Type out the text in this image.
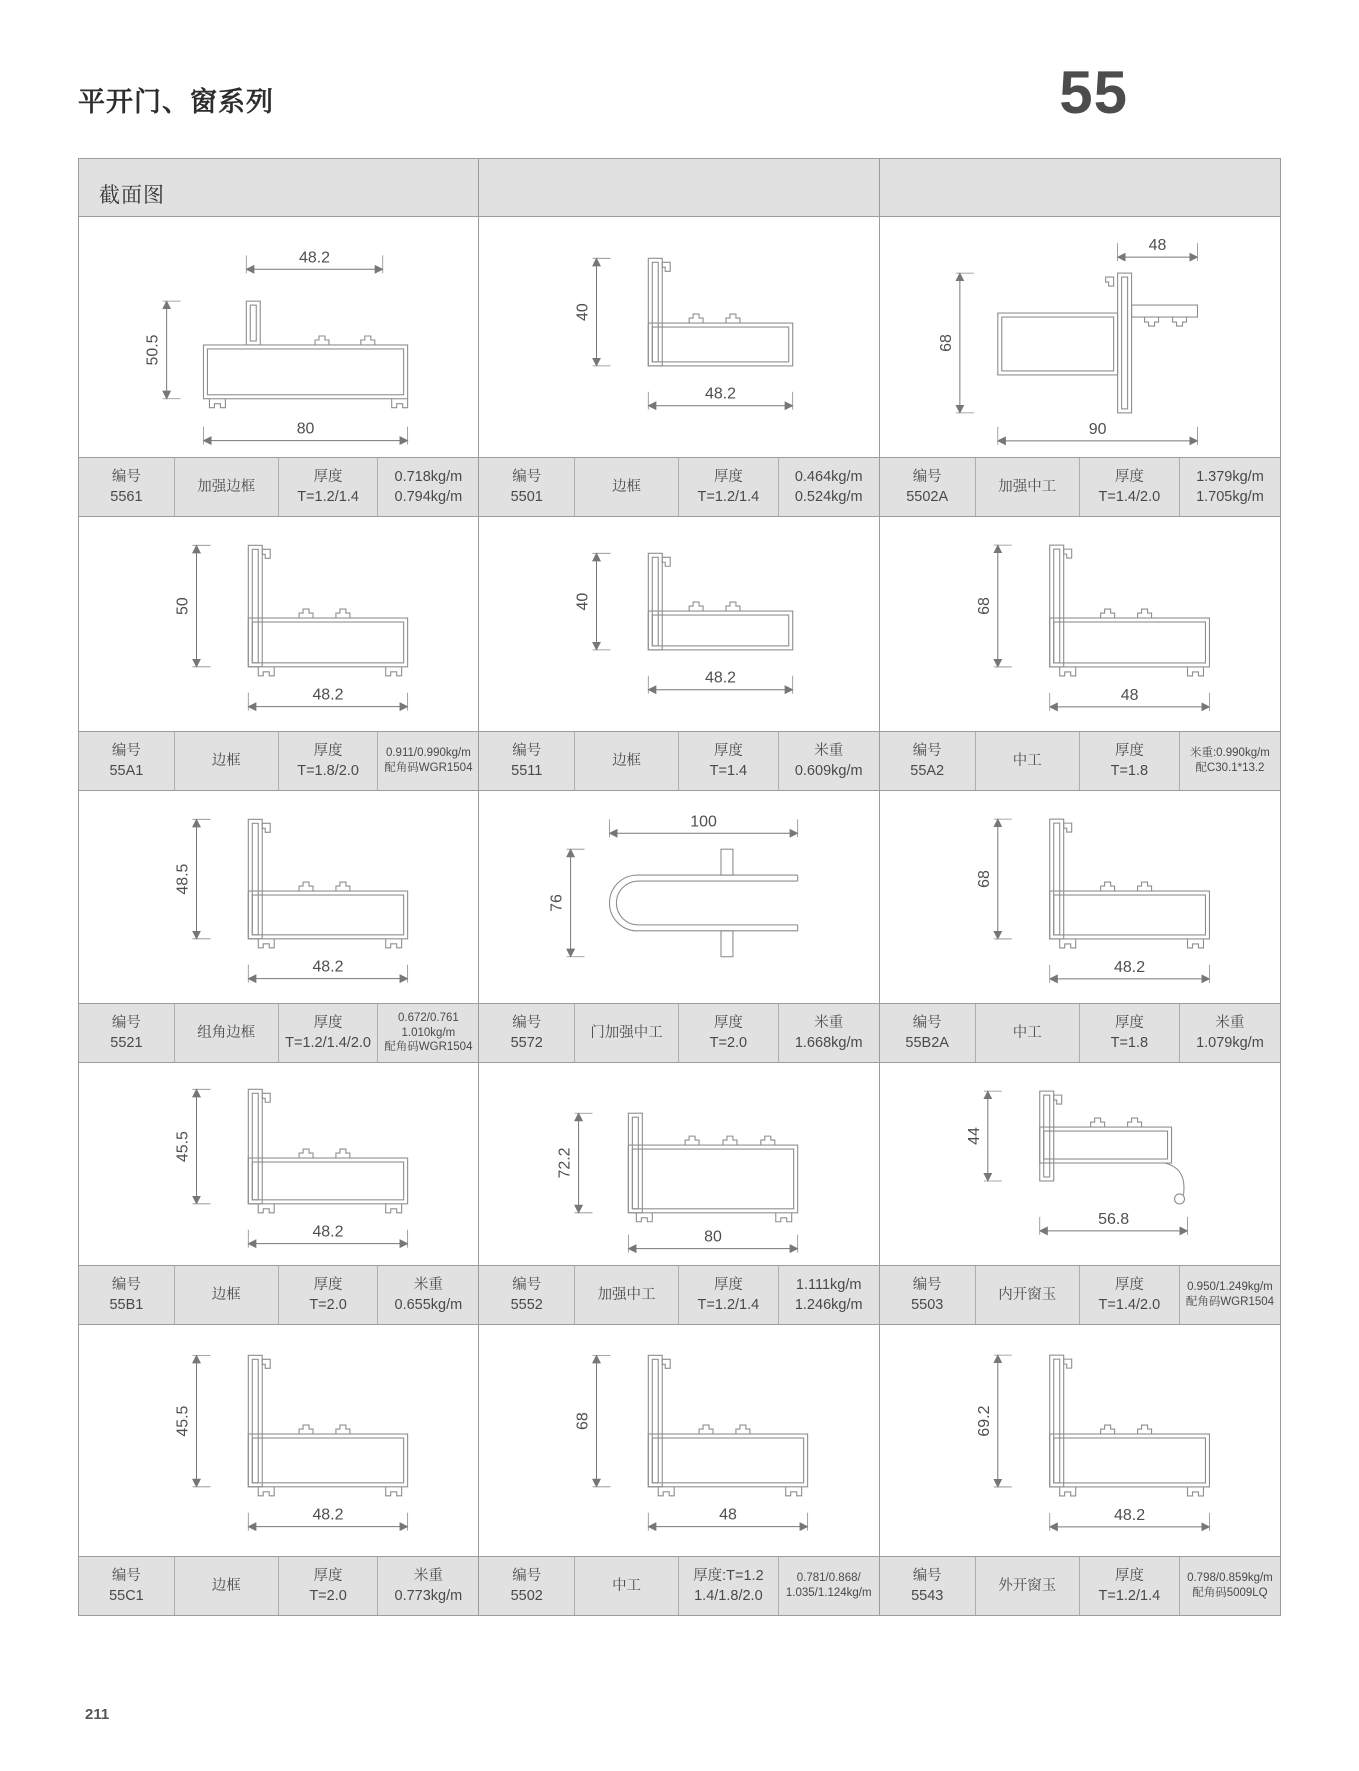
平开门、窗系列	55
截面图
48.2
50.5
80
编号
5561
加强边框
厚度
T=1.2/1.4
0.718kg/m
0.794kg/m
40
48.2
编号
5501
边框
厚度
T=1.2/1.4
0.464kg/m
0.524kg/m
48
68
90
编号
5502A
加强中工
厚度
T=1.4/2.0
1.379kg/m
1.705kg/m
50
48.2
编号
55A1
边框
厚度
T=1.8/2.0
0.911/0.990kg/m
配角码WGR1504
40
48.2
编号
5511
边框
厚度
T=1.4
米重
0.609kg/m
68
48
编号
55A2
中工
厚度
T=1.8
米重:0.990kg/m
配C30.1*13.2
48.5
48.2
编号
5521
组角边框
厚度
T=1.2/1.4/2.0
0.672/0.761
1.010kg/m
配角码WGR1504
100
76
编号
5572
门加强中工
厚度
T=2.0
米重
1.668kg/m
68
48.2
编号
55B2A
中工
厚度
T=1.8
米重
1.079kg/m
45.5
48.2
编号
55B1
边框
厚度
T=2.0
米重
0.655kg/m
72.2
80
编号
5552
加强中工
厚度
T=1.2/1.4
1.111kg/m
1.246kg/m
44
56.8
编号
5503
内开窗玉
厚度
T=1.4/2.0
0.950/1.249kg/m
配角码WGR1504
45.5
48.2
编号
55C1
边框
厚度
T=2.0
米重
0.773kg/m
68
48
编号
5502
中工
厚度:T=1.2
1.4/1.8/2.0
0.781/0.868/
1.035/1.124kg/m
69.2
48.2
编号
5543
外开窗玉
厚度
T=1.2/1.4
0.798/0.859kg/m
配角码5009LQ
211
